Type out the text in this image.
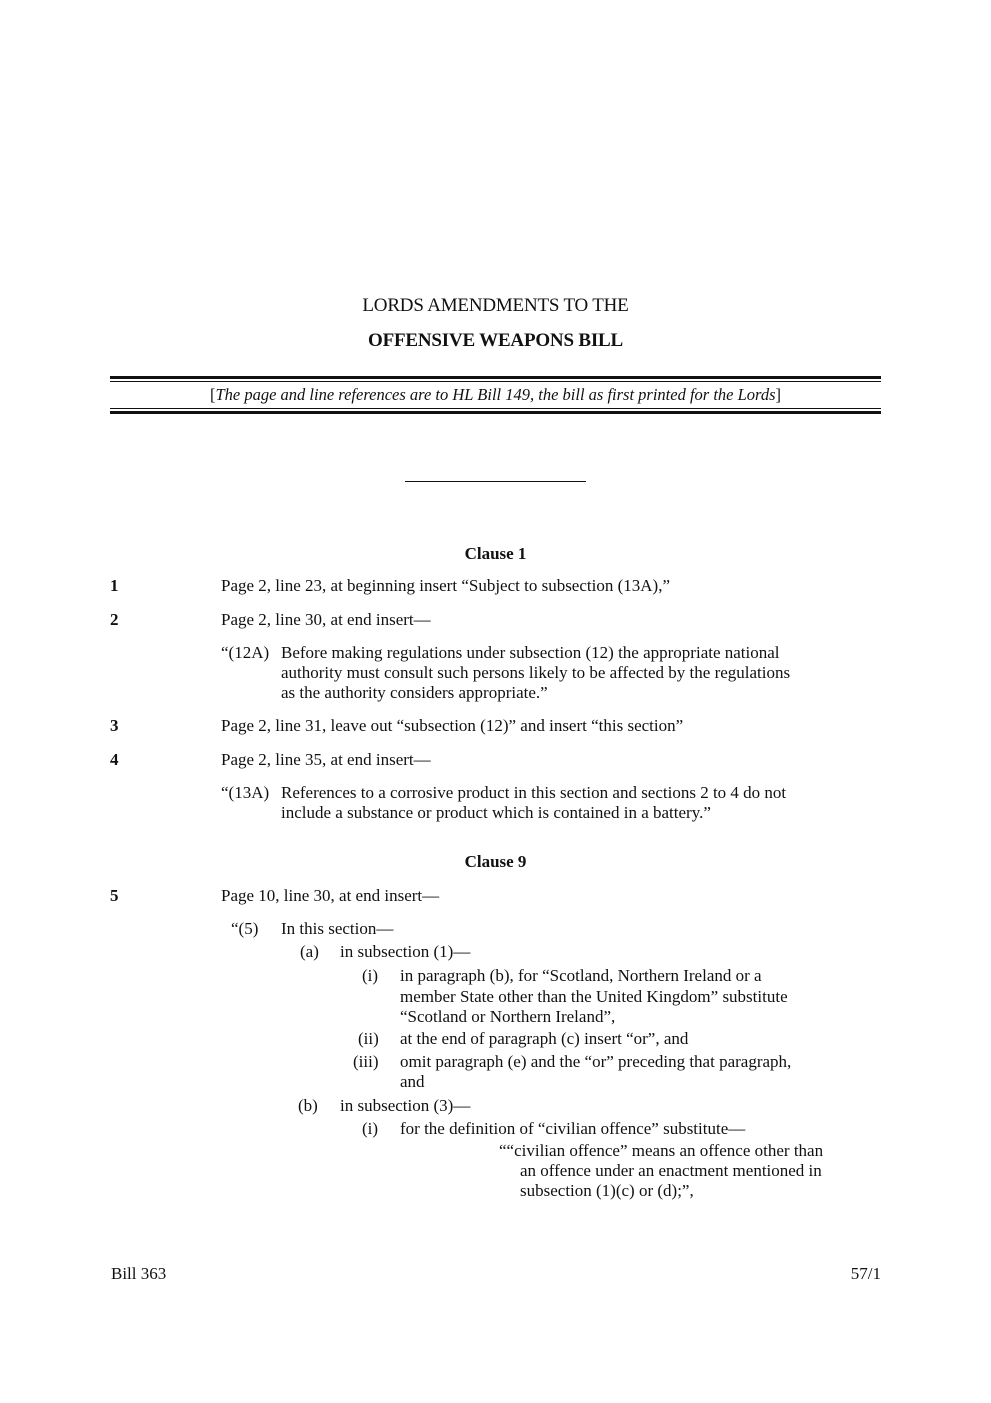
LORDS AMENDMENTS TO THE
OFFENSIVE WEAPONS BILL
[The page and line references are to HL Bill 149, the bill as first printed for the Lords]
Clause 1
1	Page 2, line 23, at beginning insert “Subject to subsection (13A),”
2	Page 2, line 30, at end insert—
“(12A) Before making regulations under subsection (12) the appropriate national
authority must consult such persons likely to be affected by the regulations
as the authority considers appropriate.”
3	Page 2, line 31, leave out “subsection (12)” and insert “this section”
4	Page 2, line 35, at end insert—
“(13A) References to a corrosive product in this section and sections 2 to 4 do not
include a substance or product which is contained in a battery.”
Clause 9
5	Page 10, line 30, at end insert—
“(5) In this section—
(a) in subsection (1)—
(i) in paragraph (b), for “Scotland, Northern Ireland or a
member State other than the United Kingdom” substitute
“Scotland or Northern Ireland”,
(ii) at the end of paragraph (c) insert “or”, and
(iii) omit paragraph (e) and the “or” preceding that paragraph,
and
(b) in subsection (3)—
(i) for the definition of “civilian offence” substitute—
““civilian offence” means an offence other than
an offence under an enactment mentioned in
subsection (1)(c) or (d);”,
Bill 363	57/1
